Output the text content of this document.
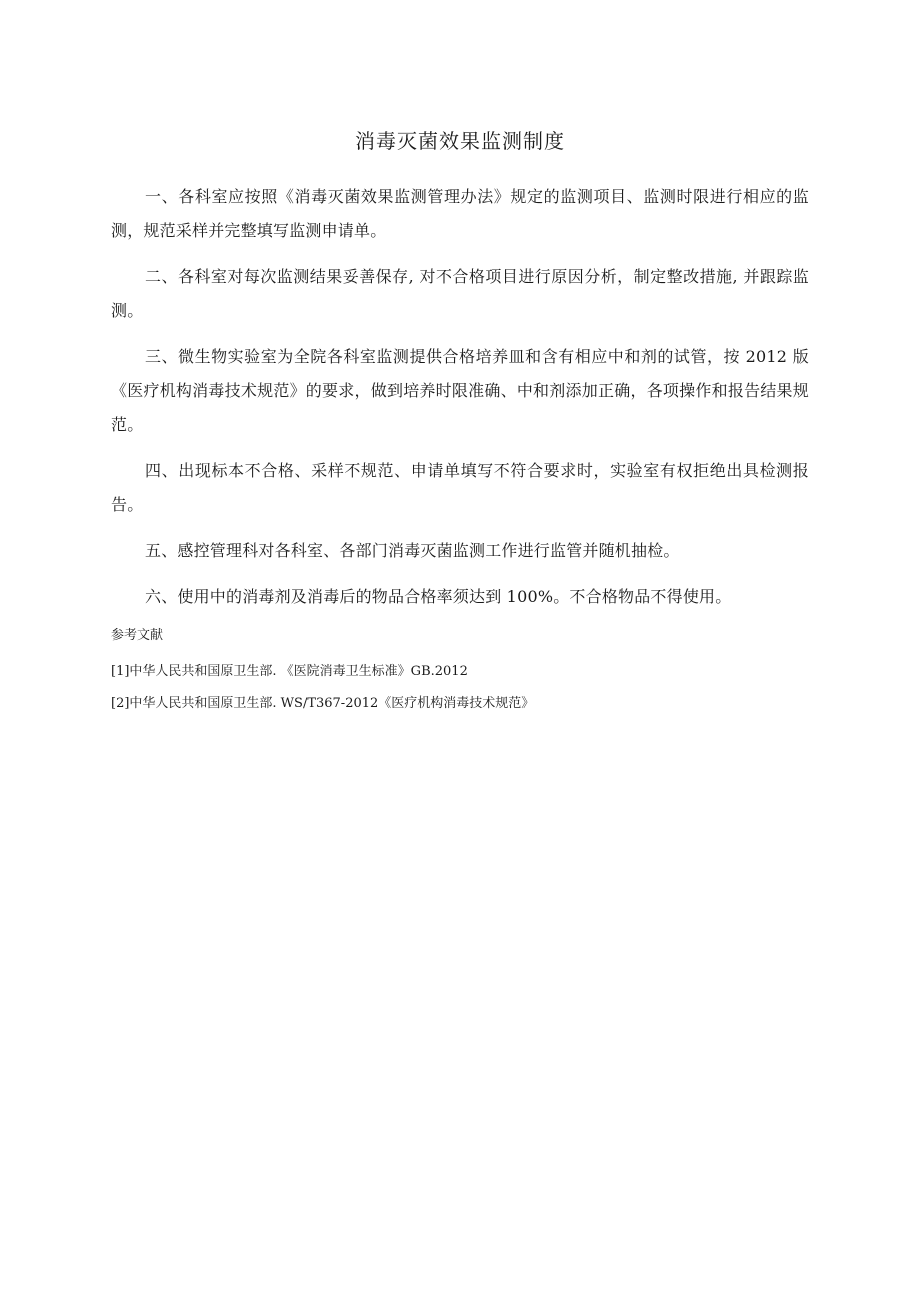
消毒灭菌效果监测制度

一、各科室应按照《消毒灭菌效果监测管理办法》规定的监测项目、监测时限进行相应的监测，规范采样并完整填写监测申请单。

二、各科室对每次监测结果妥善保存, 对不合格项目进行原因分析，制定整改措施, 并跟踪监测。

三、微生物实验室为全院各科室监测提供合格培养皿和含有相应中和剂的试管，按 2012 版《医疗机构消毒技术规范》的要求，做到培养时限准确、中和剂添加正确，各项操作和报告结果规范。

四、出现标本不合格、采样不规范、申请单填写不符合要求时，实验室有权拒绝出具检测报告。

五、感控管理科对各科室、各部门消毒灭菌监测工作进行监管并随机抽检。

六、使用中的消毒剂及消毒后的物品合格率须达到 100%。不合格物品不得使用。

参考文献

[1]中华人民共和国原卫生部. 《医院消毒卫生标准》GB.2012

[2]中华人民共和国原卫生部. WS/T367-2012《医疗机构消毒技术规范》
